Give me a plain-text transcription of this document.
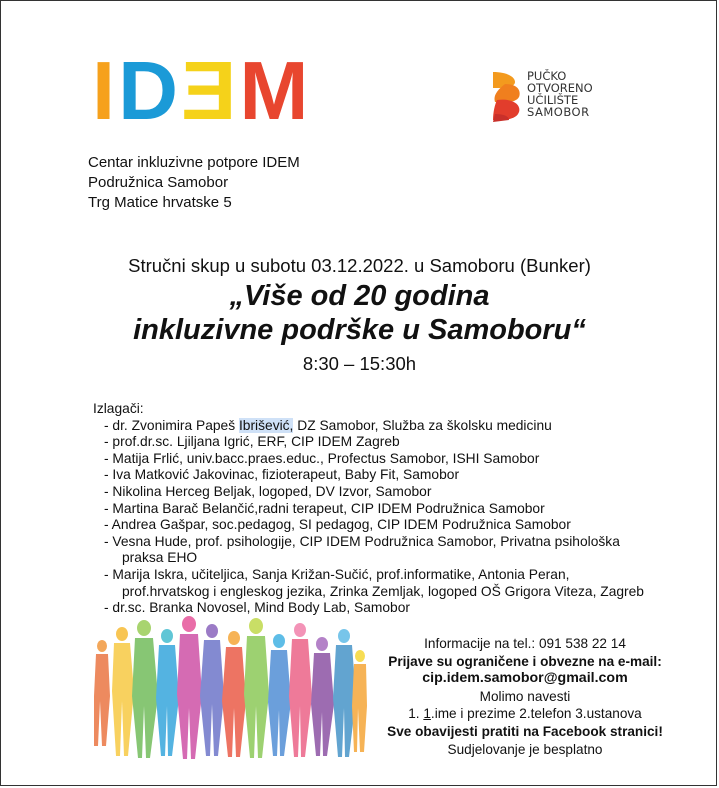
I D Ǝ M	PUČKO
OTVORENO
UČILIŠTE
SAMOBOR
Centar inkluzivne potpore IDEM
Podružnica Samobor
Trg Matice hrvatske 5
Stručni skup u subotu 03.12.2022. u Samoboru (Bunker)
„Više od 20 godina
inkluzivne podrške u Samoboru“
8:30 – 15:30h
Izlagači:
- dr. Zvonimira Papeš Ibrišević, DZ Samobor, Služba za školsku medicinu
- prof.dr.sc. Ljiljana Igrić, ERF, CIP IDEM Zagreb
- Matija Frlić, univ.bacc.praes.educ., Profectus Samobor, ISHI Samobor
- Iva Matković Jakovinac, fizioterapeut, Baby Fit, Samobor
- Nikolina Herceg Beljak, logoped, DV Izvor, Samobor
- Martina Barač Belančić,radni terapeut, CIP IDEM Podružnica Samobor
- Andrea Gašpar, soc.pedagog, SI pedagog, CIP IDEM Podružnica Samobor
- Vesna Hude, prof. psihologije, CIP IDEM Podružnica Samobor, Privatna psihološka
praksa EHO
- Marija Iskra, učiteljica, Sanja Križan-Sučić, prof.informatike, Antonia Peran,
prof.hrvatskog i engleskog jezika, Zrinka Zemljak, logoped OŠ Grigora Viteza, Zagreb
- dr.sc. Branka Novosel, Mind Body Lab, Samobor
Informacije na tel.: 091 538 22 14
Prijave su ograničene i obvezne na e-mail:
cip.idem.samobor@gmail.com
Molimo navesti
1. 1.ime i prezime 2.telefon 3.ustanova
Sve obavijesti pratiti na Facebook stranici!
Sudjelovanje je besplatno
